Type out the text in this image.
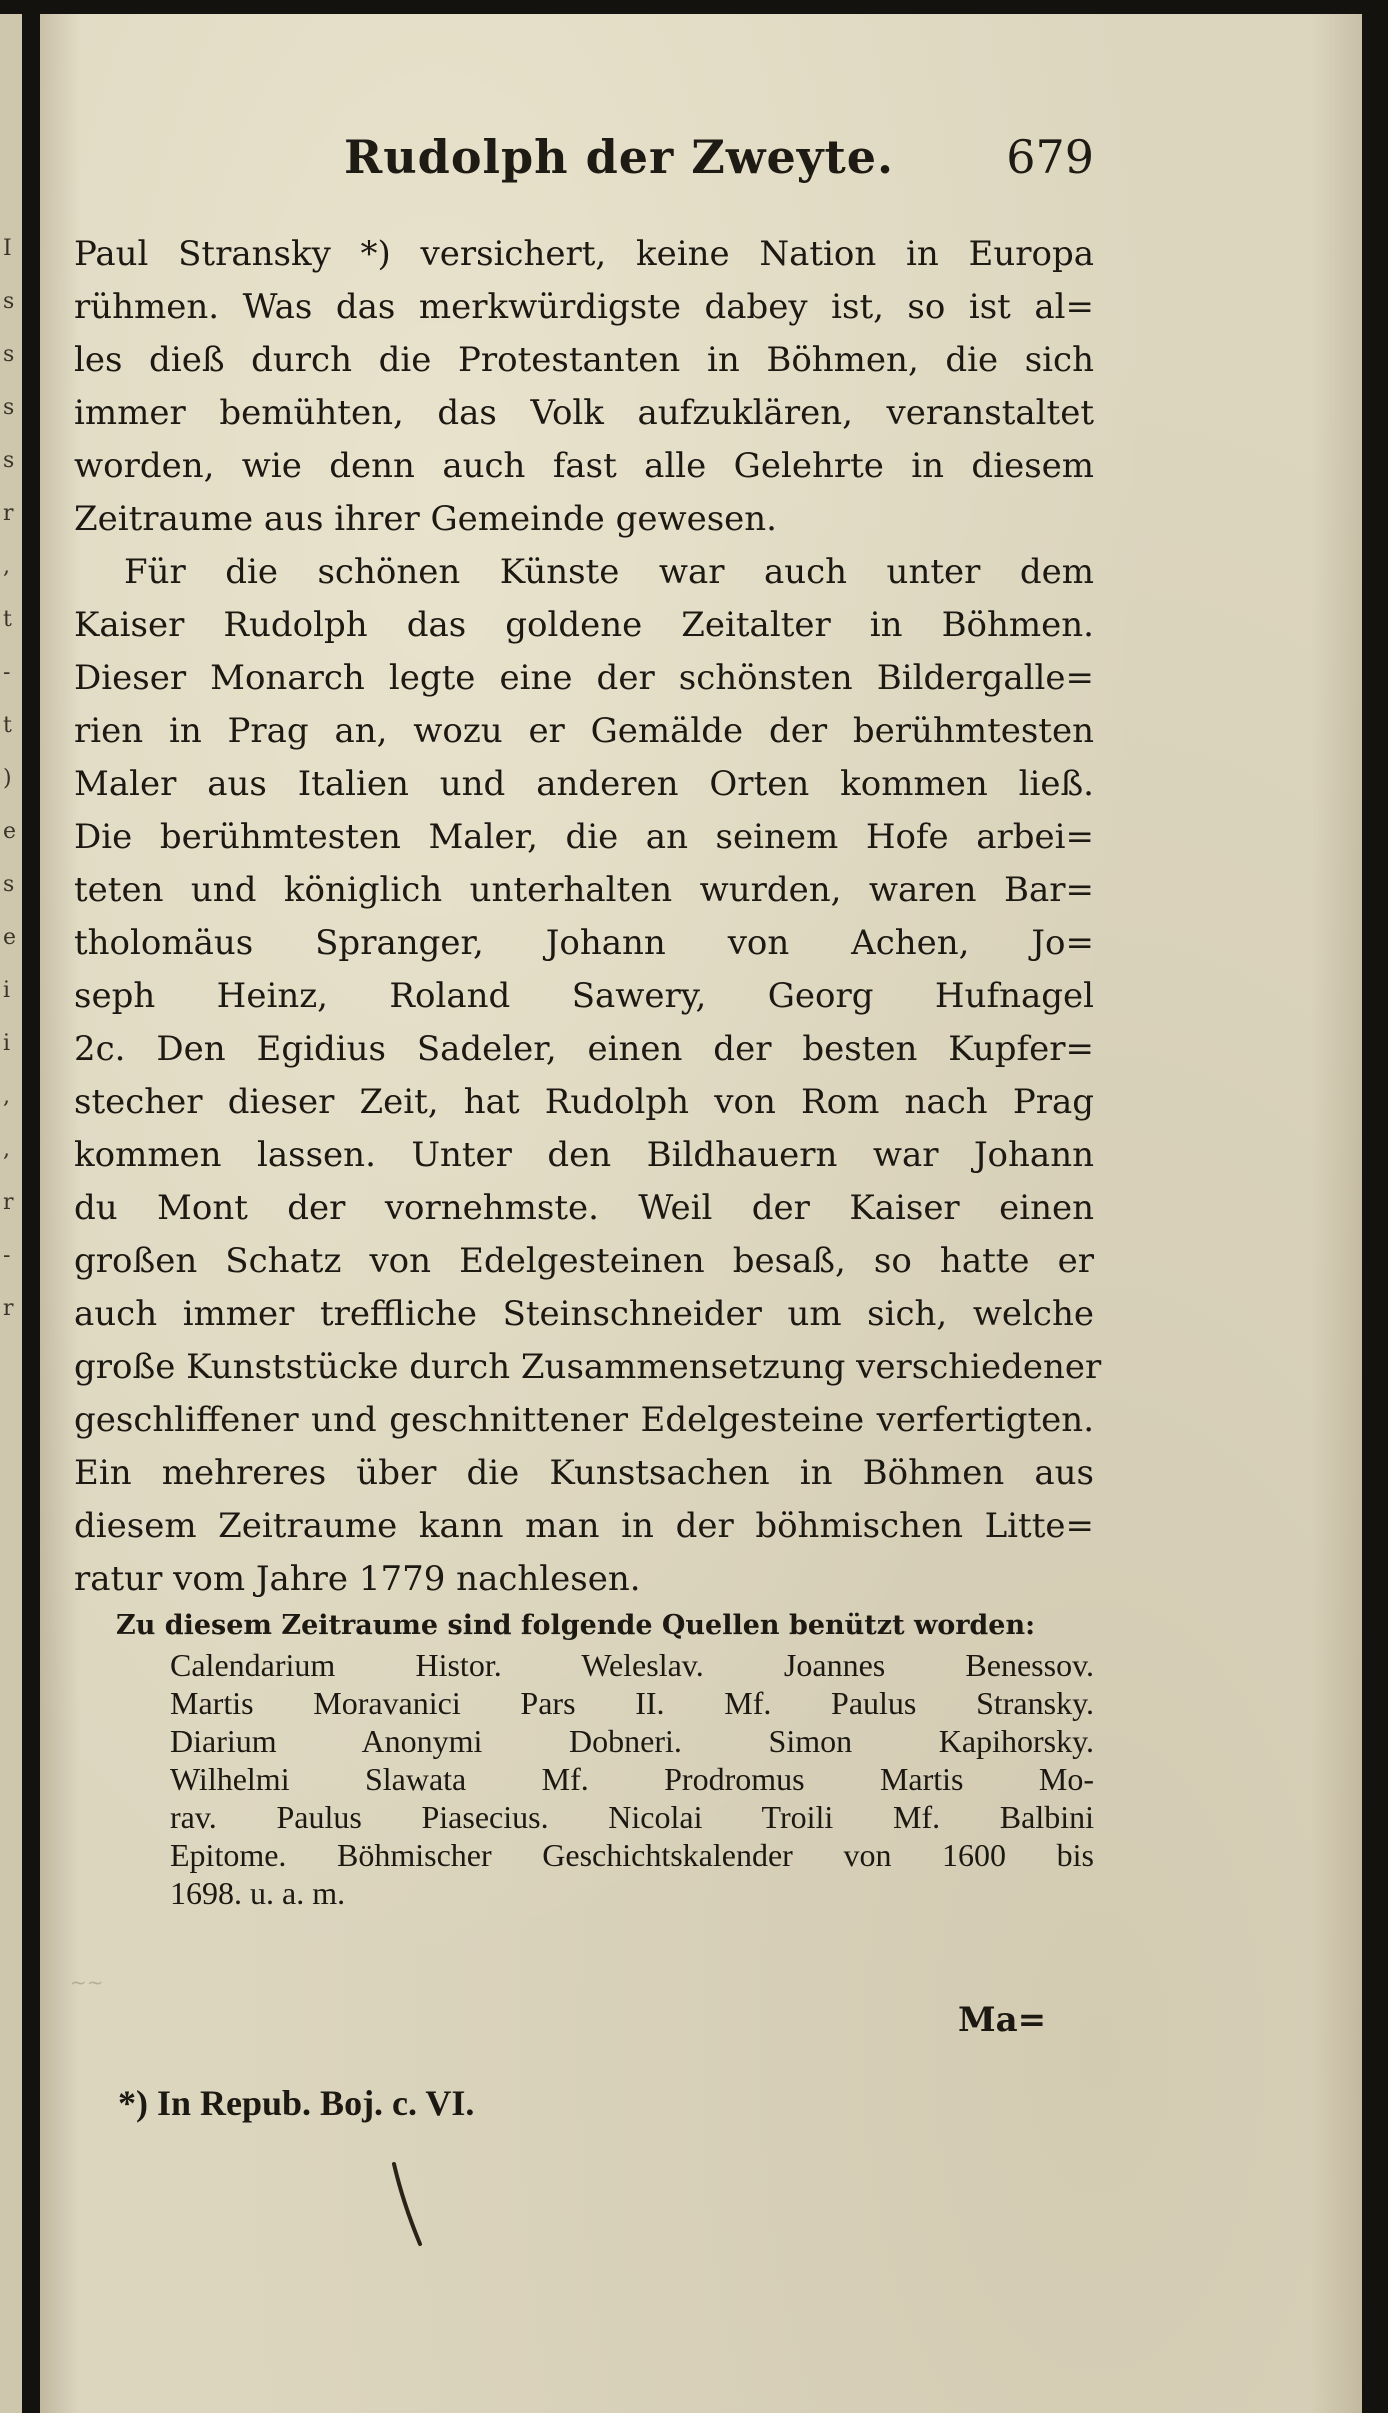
Rudolph der Zweyte. 679
Paul Stransky *) versichert, keine Nation in Europa
rühmen. Was das merkwürdigste dabey ist, so ist al=
les dieß durch die Protestanten in Böhmen, die sich
immer bemühten, das Volk aufzuklären, veranstaltet
worden, wie denn auch fast alle Gelehrte in diesem
Zeitraume aus ihrer Gemeinde gewesen.
Für die schönen Künste war auch unter dem
Kaiser Rudolph das goldene Zeitalter in Böhmen.
Dieser Monarch legte eine der schönsten Bildergalle=
rien in Prag an, wozu er Gemälde der berühmtesten
Maler aus Italien und anderen Orten kommen ließ.
Die berühmtesten Maler, die an seinem Hofe arbei=
teten und königlich unterhalten wurden, waren Bar=
tholomäus Spranger, Johann von Achen, Jo=
seph Heinz, Roland Sawery, Georg Hufnagel
2c. Den Egidius Sadeler, einen der besten Kupfer=
stecher dieser Zeit, hat Rudolph von Rom nach Prag
kommen lassen. Unter den Bildhauern war Johann
du Mont der vornehmste. Weil der Kaiser einen
großen Schatz von Edelgesteinen besaß, so hatte er
auch immer treffliche Steinschneider um sich, welche
große Kunststücke durch Zusammensetzung verschiedener
geschliffener und geschnittener Edelgesteine verfertigten.
Ein mehreres über die Kunstsachen in Böhmen aus
diesem Zeitraume kann man in der böhmischen Litte=
ratur vom Jahre 1779 nachlesen.
Zu diesem Zeitraume sind folgende Quellen benützt worden:
Calendarium Histor. Weleslav. Joannes Benessov.
Martis Moravanici Pars II. Mf. Paulus Stransky.
Diarium Anonymi Dobneri. Simon Kapihorsky.
Wilhelmi Slawata Mf. Prodromus Martis Mo-
rav. Paulus Piasecius. Nicolai Troili Mf. Balbini
Epitome. Böhmischer Geschichtskalender von 1600 bis
1698. u. a. m.
~~
Ma=
*) In Repub. Boj. c. VI.
I
s
s
s
s
r
,
t
-
t
)
e
s
e
i
i
,
,
r
-
r
